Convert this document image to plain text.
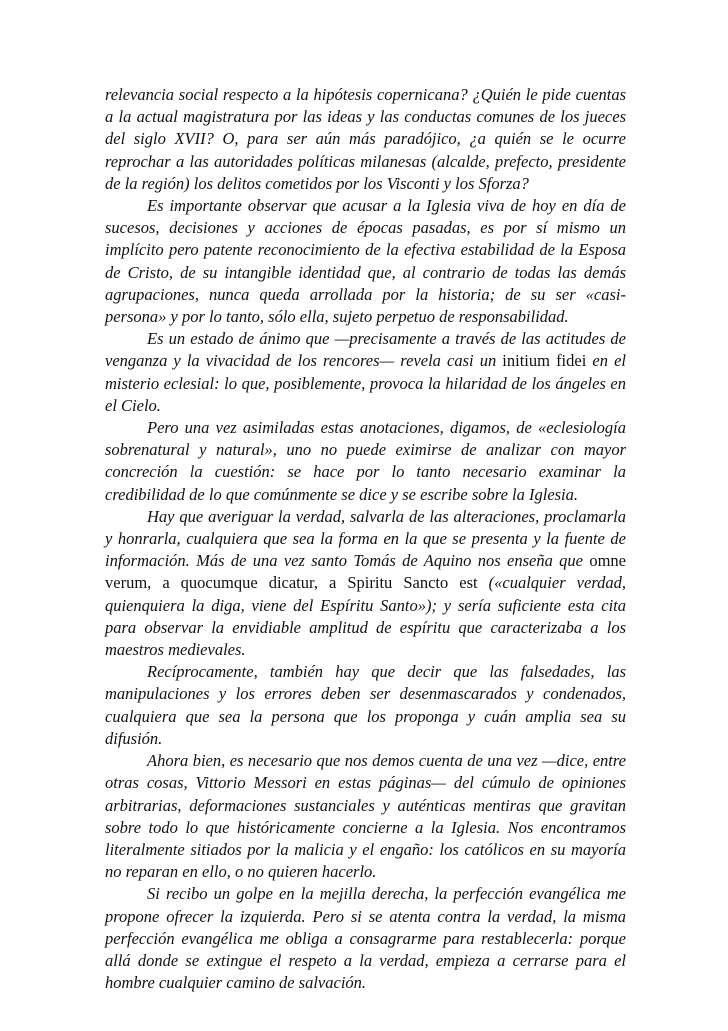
relevancia social respecto a la hipótesis copernicana? ¿Quién le pide cuentas a la actual magistratura por las ideas y las conductas comunes de los jueces del siglo XVII? O, para ser aún más paradójico, ¿a quién se le ocurre reprochar a las autoridades políticas milanesas (alcalde, prefecto, presidente de la región) los delitos cometidos por los Visconti y los Sforza?

Es importante observar que acusar a la Iglesia viva de hoy en día de sucesos, decisiones y acciones de épocas pasadas, es por sí mismo un implícito pero patente reconocimiento de la efectiva estabilidad de la Esposa de Cristo, de su intangible identidad que, al contrario de todas las demás agrupaciones, nunca queda arrollada por la historia; de su ser «casi-persona» y por lo tanto, sólo ella, sujeto perpetuo de responsabilidad.

Es un estado de ánimo que —precisamente a través de las actitudes de venganza y la vivacidad de los rencores— revela casi un initium fidei en el misterio eclesial: lo que, posiblemente, provoca la hilaridad de los ángeles en el Cielo.

Pero una vez asimiladas estas anotaciones, digamos, de «eclesiología sobrenatural y natural», uno no puede eximirse de analizar con mayor concreción la cuestión: se hace por lo tanto necesario examinar la credibilidad de lo que comúnmente se dice y se escribe sobre la Iglesia.

Hay que averiguar la verdad, salvarla de las alteraciones, proclamarla y honrarla, cualquiera que sea la forma en la que se presenta y la fuente de información. Más de una vez santo Tomás de Aquino nos enseña que omne verum, a quocumque dicatur, a Spiritu Sancto est («cualquier verdad, quienquiera la diga, viene del Espíritu Santo»); y sería suficiente esta cita para observar la envidiable amplitud de espíritu que caracterizaba a los maestros medievales.

Recíprocamente, también hay que decir que las falsedades, las manipulaciones y los errores deben ser desenmascarados y condenados, cualquiera que sea la persona que los proponga y cuán amplia sea su difusión.

Ahora bien, es necesario que nos demos cuenta de una vez —dice, entre otras cosas, Vittorio Messori en estas páginas— del cúmulo de opiniones arbitrarias, deformaciones sustanciales y auténticas mentiras que gravitan sobre todo lo que históricamente concierne a la Iglesia. Nos encontramos literalmente sitiados por la malicia y el engaño: los católicos en su mayoría no reparan en ello, o no quieren hacerlo.

Si recibo un golpe en la mejilla derecha, la perfección evangélica me propone ofrecer la izquierda. Pero si se atenta contra la verdad, la misma perfección evangélica me obliga a consagrarme para restablecerla: porque allá donde se extingue el respeto a la verdad, empieza a cerrarse para el hombre cualquier camino de salvación.
